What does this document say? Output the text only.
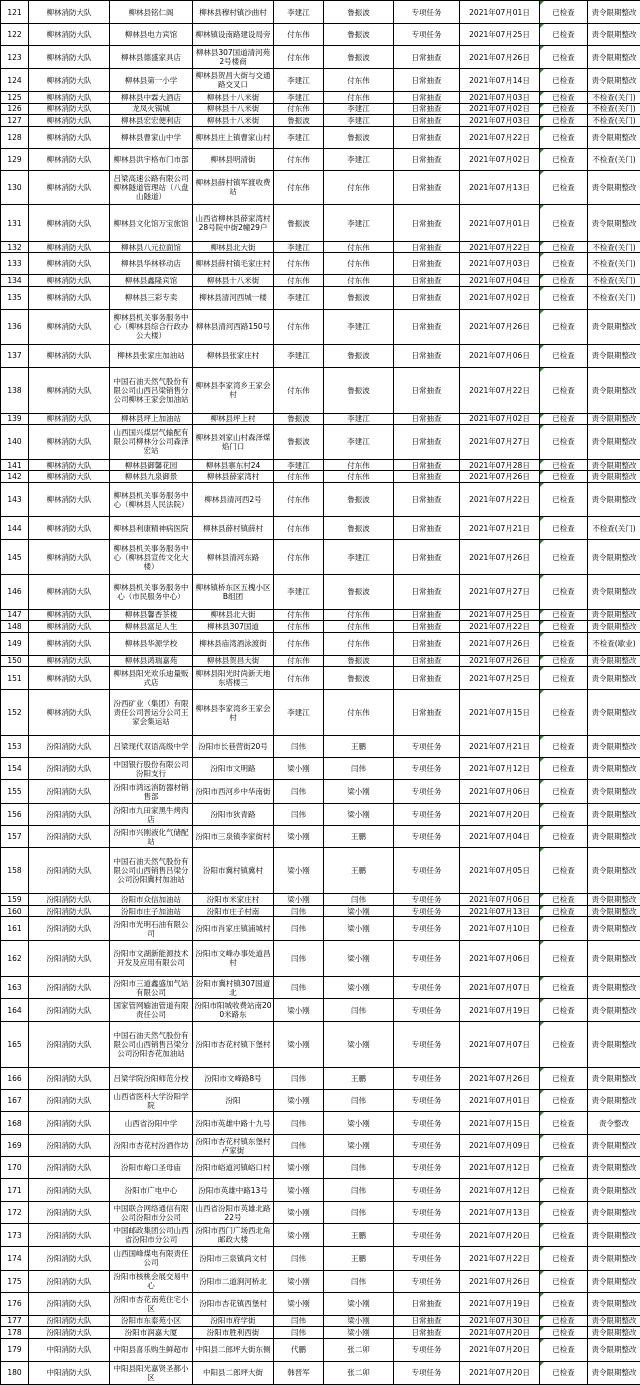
121	柳林消防大队	柳林县铭仁阁	柳林县穆村镇沙曲村	李建江	鲁振波	专项任务	2021年07月01日	已检查	责令限期整改
122	柳林消防大队	柳林县电力宾馆	柳林镇设南路建设局旁	付东伟	鲁振波	专项任务	2021年07月25日	已检查	责令限期整改
123	柳林消防大队	柳林县德盛家具店	柳林县307国道清河苑2号楼商	付东伟	鲁振波	日常抽查	2021年07月26日	已检查	责令限期整改
124	柳林消防大队	柳林县第一小学	柳林县贺昌大街与交通路交叉口	李建江	付东伟	日常抽查	2021年07月14日	已检查	责令限期整改
125	柳林消防大队	柳林县中霖大酒店	柳林县十八米街	李建江	付东伟	日常抽查	2021年07月03日	已检查	不检查(关门)
126	柳林消防大队	龙凤火锅城	柳林县十八米街	付东伟	李建江	日常抽查	2021年07月02日	已检查	不检查(关门)
127	柳林消防大队	柳林县宏宏便利店	柳林县十八米街	鲁振波	李建江	日常抽查	2021年07月03日	已检查	不检查(关门)
128	柳林消防大队	柳林县曹家山中学	柳林县庄上镇曹家山村	李建江	鲁振波	日常抽查	2021年07月22日	已检查	责令限期整改
129	柳林消防大队	柳林县洪宇格布门市部	柳林县明清街	付东伟	李建江	日常抽查	2021年07月02日	已检查	不检查(关门)
130	柳林消防大队	吕梁高速公路有限公司柳林隧道管理站（八盘山隧道）	柳林县薛村镇军渡收费站	付东伟	付东伟	日常抽查	2021年07月13日	已检查	责令限期整改
131	柳林消防大队	柳林县文化馆万宝旅馆	山西省柳林县薛家湾村28号院中街2幢29户	鲁振波	李建江	日常抽查	2021年07月01日	已检查	责令限期整改
132	柳林消防大队	柳林县八元拉面馆	柳林县北大街	李建江	付东伟	日常抽查	2021年07月22日	已检查	不检查(关门)
133	柳林消防大队	柳林县华林移动店	柳林县薛村镇毛家庄村	付东伟	付东伟	日常抽查	2021年07月03日	已检查	不检查(关门)
134	柳林消防大队	柳林县鑫隆宾馆	柳林县十八米街	付东伟	付东伟	日常抽查	2021年07月04日	已检查	不检查(关门)
135	柳林消防大队	柳林县三彩专卖	柳林县清河西城一楼	李建江	鲁振波	日常抽查	2021年07月02日	已检查	不检查(关门)
136	柳林消防大队	柳林县机关事务服务中心（柳林县综合行政办公大楼）	柳林县清河西路150号	付东伟	李建江	日常抽查	2021年07月26日	已检查	责令限期整改
137	柳林消防大队	柳林县张家庄加油站	柳林县张家庄村	李建江	鲁振波	日常抽查	2021年07月06日	已检查	责令限期整改
138	柳林消防大队	中国石油天然气股份有限公司山西吕梁销售分公司柳林王家会加油站	柳林县李家湾乡王家会村	付东伟	鲁振波	日常抽查	2021年07月22日	已检查	责令限期整改
139	柳林消防大队	柳林县坪上加油站	柳林县坪上村	鲁振波	李建江	日常抽查	2021年07月02日	已检查	责令限期整改
140	柳林消防大队	山西国兴煤层气输配有限公司柳林分公司森泽宏站	柳林县刘家山村森泽煤焰门口	鲁振波	李建江	日常抽查	2021年07月27日	已检查	责令限期整改
141	柳林消防大队	柳林县御馨花园	柳林县寨东村24	李建江	付东伟	日常抽查	2021年07月28日	已检查	责令限期整改
142	柳林消防大队	柳林县九泉御景	柳林县薛家湾村	付东伟	付东伟	日常抽查	2021年07月26日	已检查	责令限期整改
143	柳林消防大队	柳林县机关事务服务中心（柳林县人民法院）	柳林县清河西2号	付东伟	鲁振波	日常抽查	2021年07月22日	已检查	责令限期整改
144	柳林消防大队	柳林县利康精神病医院	柳林县薛村镇薛村	付东伟	鲁振波	日常抽查	2021年07月21日	已检查	不检查(关门)
145	柳林消防大队	柳林县机关事务服务中心（柳林县宣传文化大楼）	柳林县清河东路	付东伟	李建江	日常抽查	2021年07月26日	已检查	责令限期整改
146	柳林消防大队	柳林县机关事务服务中心（市民服务中心）	柳林镇桥东区五槐小区B组团	李建江	鲁振波	日常抽查	2021年07月27日	已检查	责令限期整改
147	柳林消防大队	柳林县馨香茶楼	柳林县北大街	付东伟	付东伟	日常抽查	2021年07月25日	已检查	责令限期整改
148	柳林消防大队	柳林县富足人生	柳林县307国道	付东伟	付东伟	日常抽查	2021年07月22日	已检查	责令限期整改
149	柳林消防大队	柳林县华源学校	柳林县庙湾酒泳渡街	付东伟	付东伟	日常抽查	2021年07月26日	已检查	不检查(歇业)
150	柳林消防大队	柳林县鸿瑞嘉苑	柳林县贺昌大街	付东伟	鲁振波	日常抽查	2021年07月26日	已检查	责令限期整改
151	柳林消防大队	柳林县阳光欢乐迪量贩式店	柳林县阳光时尚新天地东塔楼三	付东伟	鲁振波	日常抽查	2021年07月25日	已检查	责令限期整改
152	柳林消防大队	汾西矿业（集团）有限责任公司晋运分公司王家会集运站	柳林县李家湾乡王家会村	李建江	付东伟	日常抽查	2021年07月15日	已检查	责令限期整改
153	汾阳消防大队	吕梁现代双语高级中学	汾阳市长巷营街20号	闫伟	王鹏	专项任务	2021年07月21日	已检查	责令限期整改
154	汾阳消防大队	中国银行股份有限公司汾阳支行	汾阳市文明路	梁小刚	闫伟	专项任务	2021年07月12日	已检查	责令限期整改
155	汾阳消防大队	汾阳市鸿远消防器材销售部	汾阳市西河乡中华南街	闫伟	梁小刚	专项任务	2021年07月06日	已检查	责令限期整改
156	汾阳消防大队	汾阳市九田家黑牛烤肉店	汾阳市狄青路	闫伟	梁小刚	专项任务	2021年07月20日	已检查	责令限期整改
157	汾阳消防大队	汾阳市兴刚液化气储配站	汾阳市三泉镇李家街村	梁小刚	王鹏	专项任务	2021年07月04日	已检查	责令限期整改
158	汾阳消防大队	中国石油天然气股份有限公司山西销售吕梁分公司汾阳冀村加油站	汾阳市冀村镇冀村	梁小刚	王鹏	专项任务	2021年07月05日	已检查	责令限期整改
159	汾阳消防大队	汾阳市众信加油站	汾阳市米家庄村	梁小刚	闫伟	专项任务	2021年07月06日	已检查	责令限期整改
160	汾阳消防大队	汾阳市庄子加油站	汾阳市庄子村南	闫伟	梁小刚	专项任务	2021年07月13日	已检查	责令限期整改
161	汾阳消防大队	汾阳市光明石油有限公司	汾阳市肖家庄镇浦城村	闫伟	梁小刚	专项任务	2021年07月10日	已检查	责令限期整改
162	汾阳消防大队	汾阳市文湖新能源技术开发及应用有限公司	汾阳市文峰办事处道昌村	闫伟	梁小刚	专项任务	2021年07月06日	已检查	责令限期整改
163	汾阳消防大队	汾阳市三道鑫盛加气站有限公司	汾阳市冀村镇307国道北	闫伟	梁小刚	专项任务	2021年07月07日	已检查	责令限期整改
164	汾阳消防大队	国家管网输油管道有限责任公司	汾阳市阳城收费站南200米路东	梁小刚	闫伟	专项任务	2021年07月19日	已检查	责令限期整改
165	汾阳消防大队	中国石油天然气股份有限公司山西销售吕梁分公司汾阳杏花加油站	汾阳市杏花村镇下堡村	梁小刚	梁小刚	专项任务	2021年07月07日	已检查	责令限期整改
166	汾阳消防大队	吕梁学院汾阳师范分校	汾阳市文峰路8号	闫伟	王鹏	专项任务	2021年07月26日	已检查	责令限期整改
167	汾阳消防大队	山西省医科大学汾阳学院	汾阳	梁小刚	闫伟	专项任务	2021年07月01日	已检查	责令限期整改
168	汾阳消防大队	山西省汾阳中学	汾阳市英雄中路十九号	闫伟	梁小刚	专项任务	2021年07月15日	已检查	责令整改
169	汾阳消防大队	汾阳市杏花村汾酒作坊	汾阳市杏花村镇东堡村卢家街	闫伟	梁小刚	专项任务	2021年07月09日	已检查	责令限期整改
170	汾阳消防大队	汾阳市峪口圣母庙	汾阳市峪道河镇峪口村	梁小刚	闫伟	专项任务	2021年07月12日	已检查	责令限期整改
171	汾阳消防大队	汾阳市广电中心	汾阳市英雄中路13号	梁小刚	闫伟	专项任务	2021年07月12日	已检查	责令限期整改
172	汾阳消防大队	中国联合网络通信有限公司汾阳市分公司	山西省汾阳市英雄北路22号	梁小刚	闫伟	专项任务	2021年07月13日	已检查	责令限期整改
173	汾阳消防大队	中国邮政集团公司山西省汾阳市分公司	汾阳市西门广场西北角邮政大楼	梁小刚	王鹏	专项任务	2021年07月20日	已检查	责令限期整改
174	汾阳消防大队	山西国峰煤电有限责任公司	汾阳市三泉镇尚文村	闫伟	王鹏	专项任务	2021年07月22日	已检查	责令限期整改
175	汾阳消防大队	汾阳市核桃会展交易中心	汾阳市二道涧河桥北	梁小刚	闫伟	专项任务	2021年07月26日	已检查	责令限期整改
176	汾阳消防大队	汾阳市杏花南苑住宅小区	汾阳市杏花镇西堡村	梁小刚	梁小刚	日常抽查	2021年07月19日	已检查	责令限期整改
177	汾阳消防大队	汾阳市东泰苑小区	汾阳市府学街	闫伟	梁小刚	日常抽查	2021年07月30日	已检查	责令限期整改
178	汾阳消防大队	汾阳市润嘉大厦	汾阳市胜利西街	闫伟	梁小刚	日常抽查	2021年07月20日	已检查	责令限期整改
179	中阳消防大队	中阳县喜乐购生鲜超市	中阳县二郎坪大街东侧	代鹏	张二卯	专项任务	2021年07月20日	已检查	责令限期整改
180	中阳消防大队	中阳县阳光嘉贤圣都小区	中阳县二郎坪大街	韩晋军	张二卯	专项任务	2021年07月20日	已检查	责令限期整改
